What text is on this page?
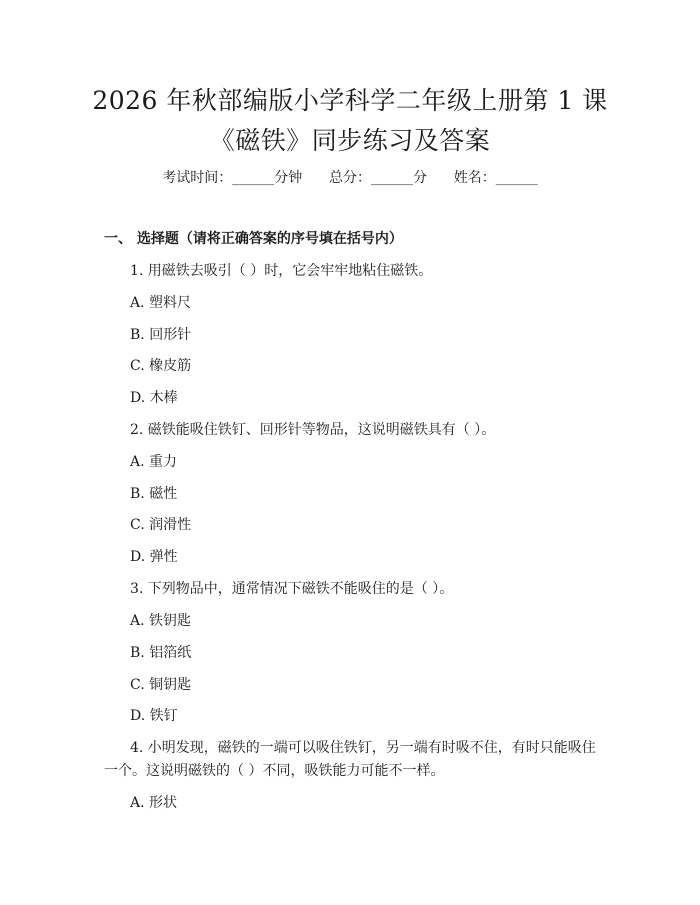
2026 年秋部编版小学科学二年级上册第 1 课
《磁铁》同步练习及答案
考试时间：______分钟      总分：______分      姓名：______
一、 选择题（请将正确答案的序号填在括号内）
1. 用磁铁去吸引（ ）时，它会牢牢地粘住磁铁。
A. 塑料尺
B. 回形针
C. 橡皮筋
D. 木棒
2. 磁铁能吸住铁钉、回形针等物品，这说明磁铁具有（ ）。
A. 重力
B. 磁性
C. 润滑性
D. 弹性
3. 下列物品中，通常情况下磁铁不能吸住的是（ ）。
A. 铁钥匙
B. 铝箔纸
C. 铜钥匙
D. 铁钉
4. 小明发现，磁铁的一端可以吸住铁钉，另一端有时吸不住，有时只能吸住
一个。这说明磁铁的（ ）不同，吸铁能力可能不一样。
A. 形状
